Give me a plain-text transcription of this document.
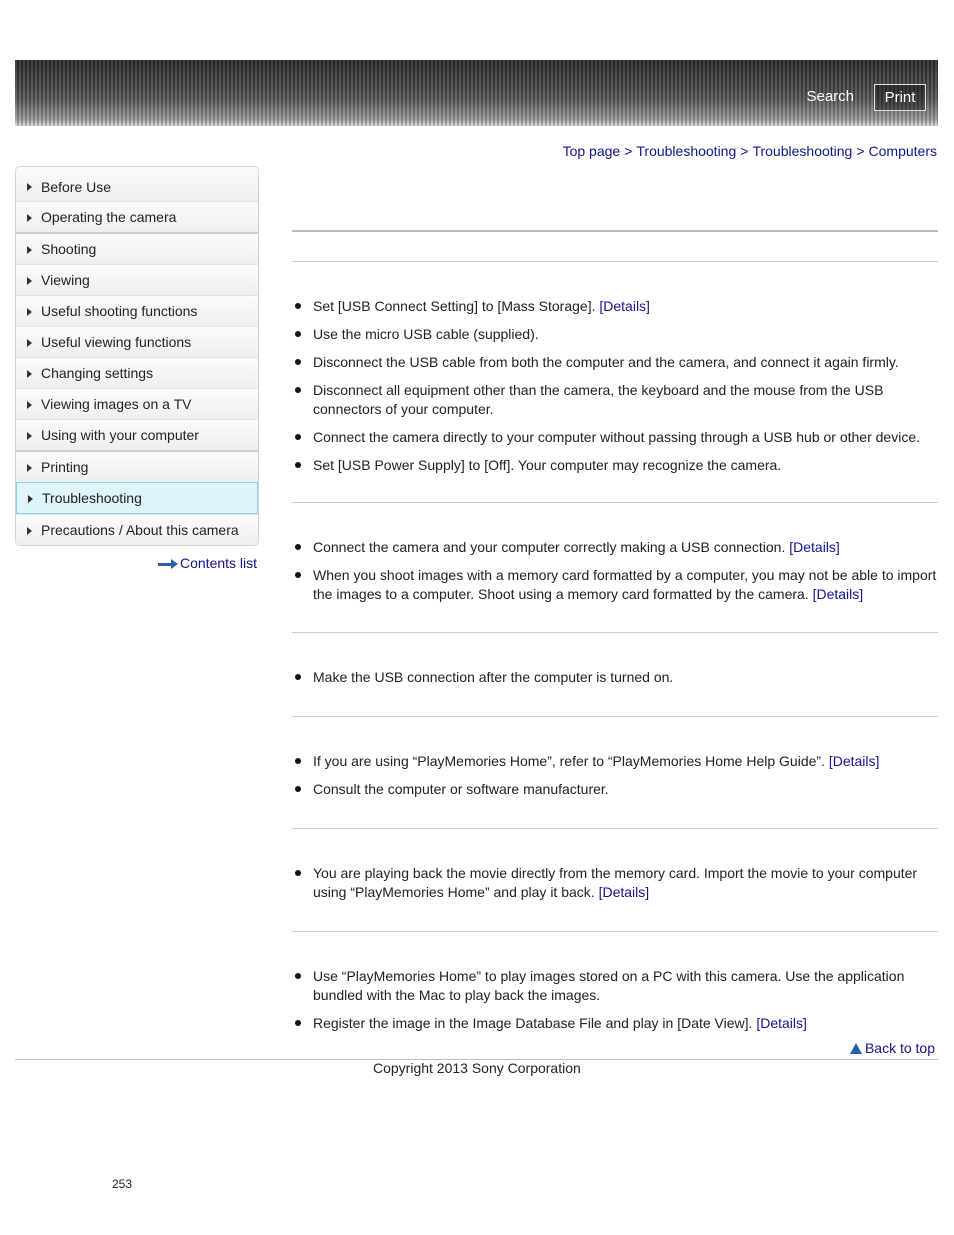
Search	Print
Top page > Troubleshooting > Troubleshooting > Computers
Before Use
Operating the camera
Shooting
Viewing
Useful shooting functions
Useful viewing functions
Changing settings
Viewing images on a TV
Using with your computer
Printing
Troubleshooting
Precautions / About this camera
Contents list
Set [USB Connect Setting] to [Mass Storage]. [Details]
Use the micro USB cable (supplied).
Disconnect the USB cable from both the computer and the camera, and connect it again firmly.
Disconnect all equipment other than the camera, the keyboard and the mouse from the USB connectors of your computer.
Connect the camera directly to your computer without passing through a USB hub or other device.
Set [USB Power Supply] to [Off]. Your computer may recognize the camera.
Connect the camera and your computer correctly making a USB connection. [Details]
When you shoot images with a memory card formatted by a computer, you may not be able to import the images to a computer. Shoot using a memory card formatted by the camera. [Details]
Make the USB connection after the computer is turned on.
If you are using “PlayMemories Home”, refer to “PlayMemories Home Help Guide”. [Details]
Consult the computer or software manufacturer.
You are playing back the movie directly from the memory card. Import the movie to your computer using “PlayMemories Home” and play it back. [Details]
Use “PlayMemories Home” to play images stored on a PC with this camera. Use the application bundled with the Mac to play back the images.
Register the image in the Image Database File and play in [Date View]. [Details]
Back to top
Copyright 2013 Sony Corporation
253
